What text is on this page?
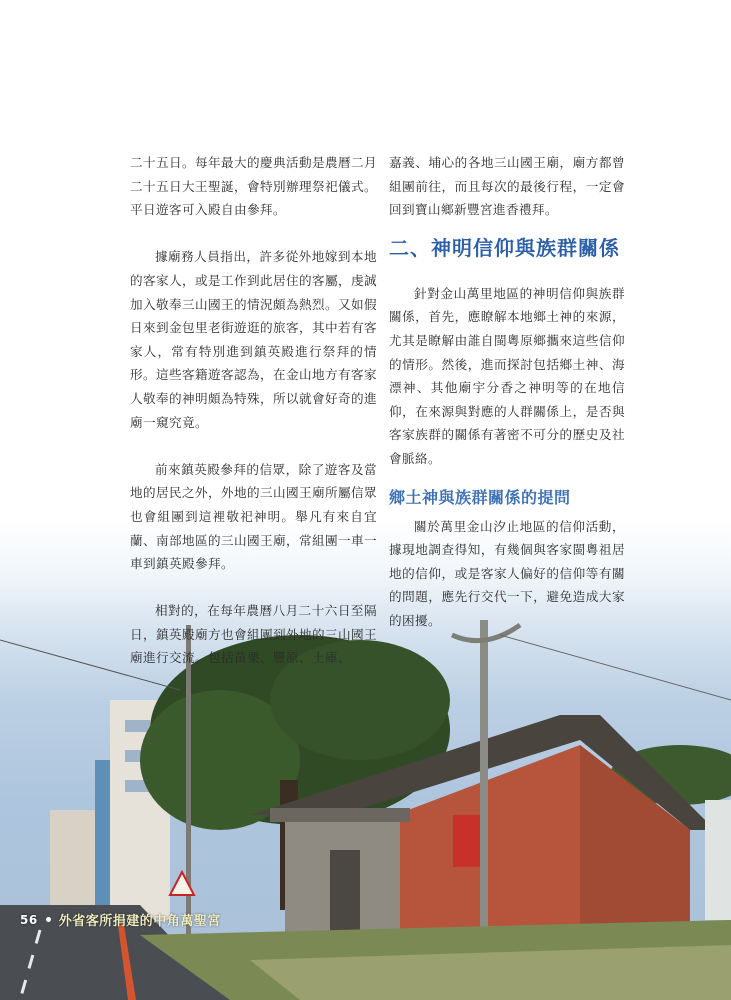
二十五日。每年最大的慶典活動是農曆二月二十五日大王聖誕，會特別辦理祭祀儀式。平日遊客可入殿自由參拜。

據廟務人員指出，許多從外地嫁到本地的客家人，或是工作到此居住的客屬，虔誠加入敬奉三山國王的情況頗為熱烈。又如假日來到金包里老街遊逛的旅客，其中若有客家人，常有特別進到鎮英殿進行祭拜的情形。這些客籍遊客認為，在金山地方有客家人敬奉的神明頗為特殊，所以就會好奇的進廟一窺究竟。

前來鎮英殿參拜的信眾，除了遊客及當地的居民之外，外地的三山國王廟所屬信眾也會組團到這裡敬祀神明。舉凡有來自宜蘭、南部地區的三山國王廟，常組團一車一車到鎮英殿參拜。

相對的，在每年農曆八月二十六日至隔日，鎮英殿廟方也會組團到外地的三山國王廟進行交流。包括苗栗、豐原、土庫、

嘉義、埔心的各地三山國王廟，廟方都曾組團前往，而且每次的最後行程，一定會回到寶山鄉新豐宮進香禮拜。

二、神明信仰與族群關係

針對金山萬里地區的神明信仰與族群關係，首先，應瞭解本地鄉土神的來源，尤其是瞭解由誰自閩粵原鄉攜來這些信仰的情形。然後，進而探討包括鄉土神、海漂神、其他廟宇分香之神明等的在地信仰，在來源與對應的人群關係上，是否與客家族群的關係有著密不可分的歷史及社會脈絡。

鄉土神與族群關係的提問

關於萬里金山汐止地區的信仰活動，據現地調查得知，有幾個與客家閩粵祖居地的信仰，或是客家人偏好的信仰等有關的問題，應先行交代一下，避免造成大家的困擾。

56 外省客所捐建的中角萬聖宮
